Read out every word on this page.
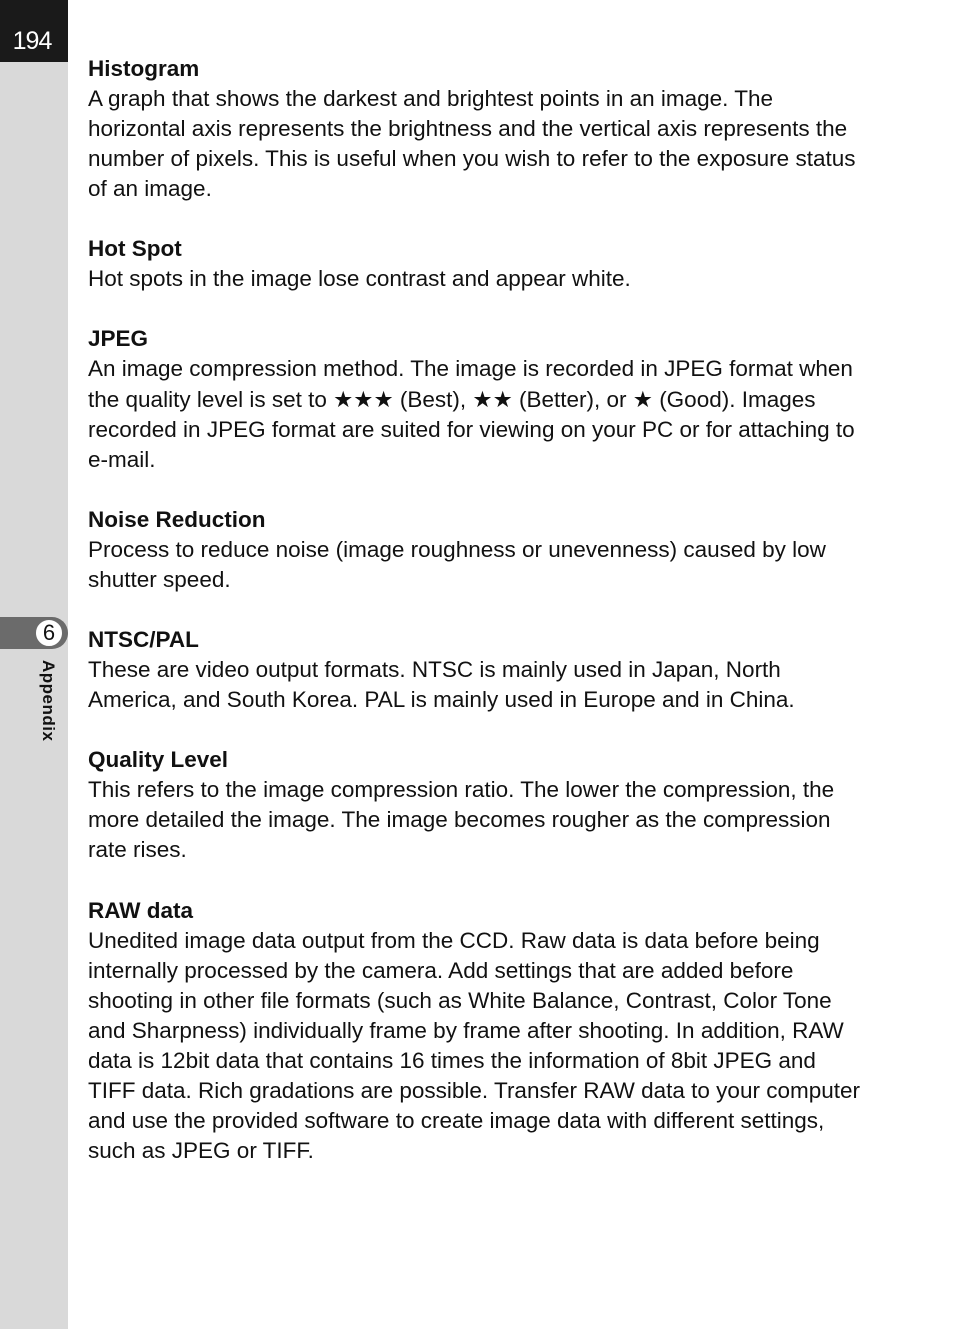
194
6
Appendix

Histogram

A graph that shows the darkest and brightest points in an image. The horizontal axis represents the brightness and the vertical axis represents the number of pixels. This is useful when you wish to refer to the exposure status of an image.

Hot Spot

Hot spots in the image lose contrast and appear white.

JPEG

An image compression method. The image is recorded in JPEG format when the quality level is set to ★★★ (Best), ★★ (Better), or ★ (Good). Images recorded in JPEG format are suited for viewing on your PC or for attaching to e-mail.

Noise Reduction

Process to reduce noise (image roughness or unevenness) caused by low shutter speed.

NTSC/PAL

These are video output formats. NTSC is mainly used in Japan, North America, and South Korea. PAL is mainly used in Europe and in China.

Quality Level

This refers to the image compression ratio. The lower the compression, the more detailed the image. The image becomes rougher as the compression rate rises.

RAW data

Unedited image data output from the CCD. Raw data is data before being internally processed by the camera. Add settings that are added before shooting in other file formats (such as White Balance, Contrast, Color Tone and Sharpness) individually frame by frame after shooting. In addition, RAW data is 12bit data that contains 16 times the information of 8bit JPEG and TIFF data. Rich gradations are possible. Transfer RAW data to your computer and use the provided software to create image data with different settings, such as JPEG or TIFF.
